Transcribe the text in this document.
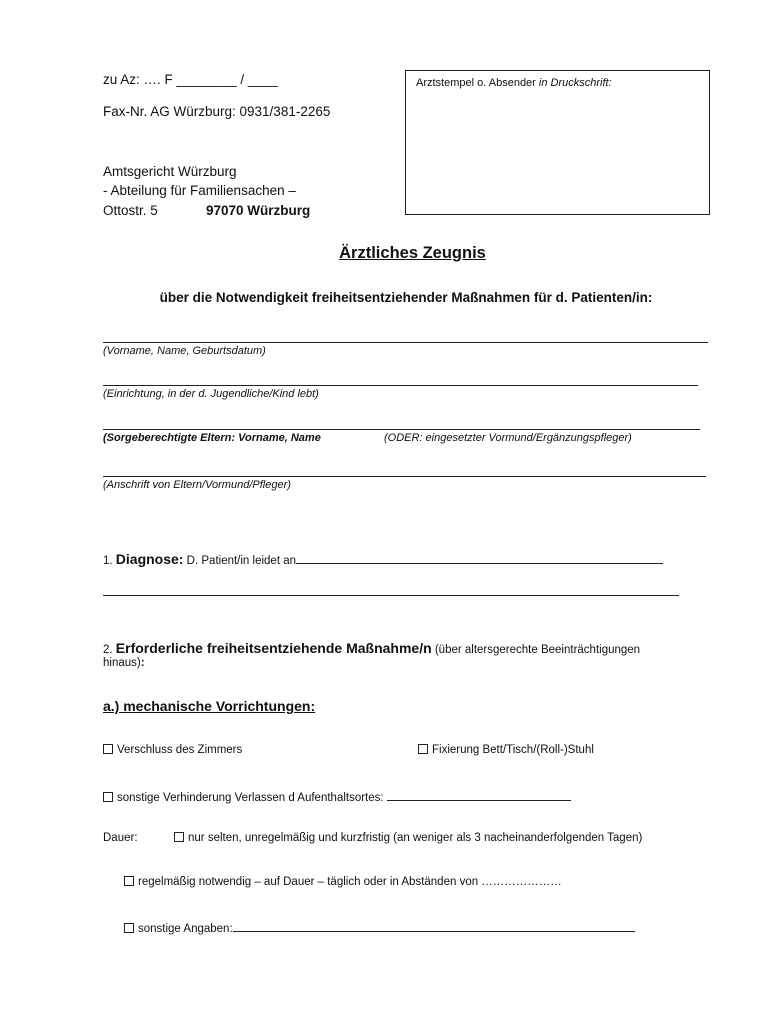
zu Az: …. F ________ / ____
Fax-Nr. AG Würzburg: 0931/381-2265
Amtsgericht Würzburg
- Abteilung für Familiensachen –
Ottostr. 5	97070 Würzburg
Arztstempel o. Absender in Druckschrift:
Ärztliches Zeugnis
über die Notwendigkeit freiheitsentziehender Maßnahmen für d. Patienten/in:
(Vorname, Name, Geburtsdatum)
(Einrichtung, in der d. Jugendliche/Kind lebt)
(Sorgeberechtigte Eltern: Vorname, Name	(ODER: eingesetzter Vormund/Ergänzungspfleger)
(Anschrift von Eltern/Vormund/Pfleger)
1. Diagnose: D. Patient/in leidet an
2. Erforderliche freiheitsentziehende Maßnahme/n (über altersgerechte Beeinträchtigungen
hinaus):
a.) mechanische Vorrichtungen:
Verschluss des Zimmers	Fixierung Bett/Tisch/(Roll-)Stuhl
sonstige Verhinderung Verlassen d Aufenthaltsortes:
Dauer:	nur selten, unregelmäßig und kurzfristig (an weniger als 3 nacheinanderfolgenden Tagen)
regelmäßig notwendig – auf Dauer – täglich oder in Abständen von …………………
sonstige Angaben:
